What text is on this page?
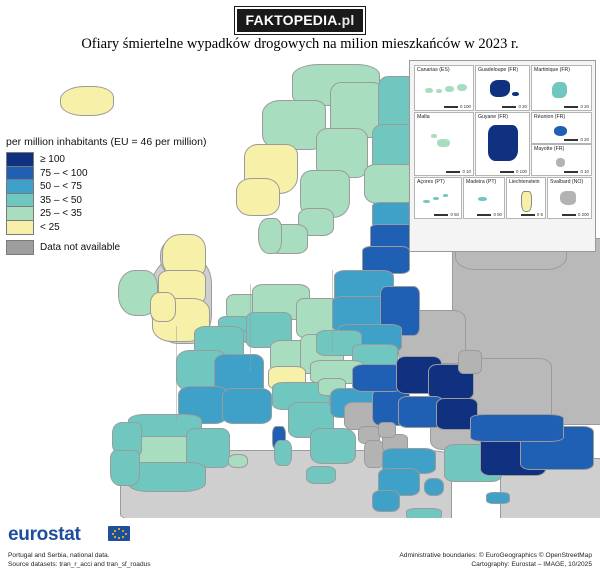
FAKTOPEDIA.pl
Ofiary śmiertelne wypadków drogowych na milion mieszkańców w 2023 r.
per million inhabitants (EU = 46 per million)
≥ 100
75 – < 100
50 – < 75
35 – < 50
25 – < 35
< 25
Data not available
Canarias (ES)
0 100
Guadeloupe (FR)
0 20
Martinique (FR)
0 20
Malta
0 10
Guyane (FR)
0 100
Réunion (FR)
0 20
Mayotte (FR)
0 10
Açores (PT)
0 50
Madeira (PT)
0 50
Liechtenstein
0 5
Svalbard (NO)
0 200
eurostat
Portugal and Serbia, national data.
Source datasets: tran_r_acci and tran_sf_roadus
Administrative boundaries: © EuroGeographics © OpenStreetMap
Cartography: Eurostat – IMAGE, 10/2025
